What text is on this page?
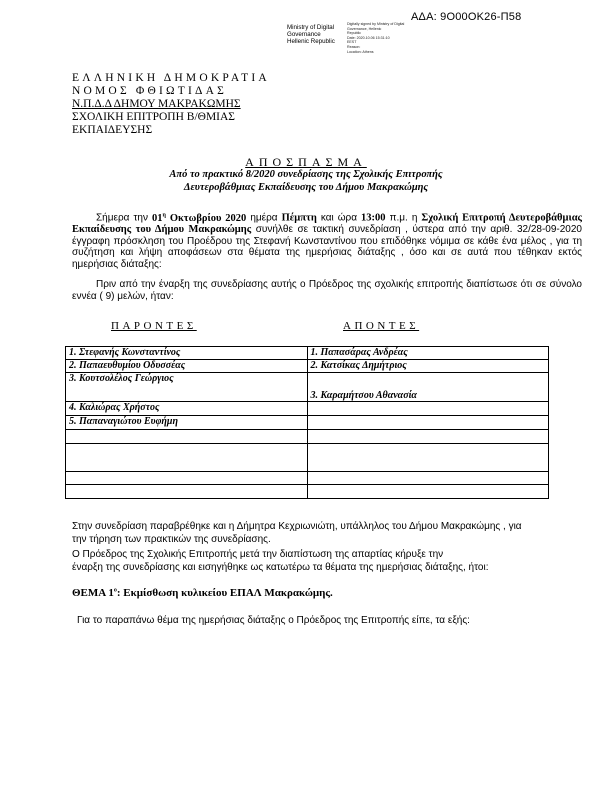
ΑΔΑ: 9Ο00ΟΚ26-Π58
Ministry of Digital
Governance
Hellenic Republic
Digitally signed by Ministry of Digital
Governance, Hellenic
Republic
Date: 2020.10.06 15:31:10
EEST
Reason:
Location: Athens
ΕΛΛΗΝΙΚΗ ΔΗΜΟΚΡΑΤΙΑ
ΝΟΜΟΣ ΦΘΙΩΤΙΔΑΣ
Ν.Π.Δ.Δ ΔΗΜΟΥ ΜΑΚΡΑΚΩΜΗΣ
ΣΧΟΛΙΚΗ ΕΠΙΤΡΟΠΗ Β/ΘΜΙΑΣ
ΕΚΠΑΙΔΕΥΣΗΣ
ΑΠΟΣΠΑΣΜΑ
Από το πρακτικό 8/2020 συνεδρίασης της Σχολικής Επιτροπής
Δευτεροβάθμιας Εκπαίδευσης του Δήμου Μακρακώμης
Σήμερα την $01^\eta$ Οκτωβρίου 2020 ημέρα Πέμπτη και ώρα 13:00 π.μ. η Σχολική Επιτροπή Δευτεροβάθμιας Εκπαίδευσης του Δήμου Μακρακώμης συνήλθε σε τακτική συνεδρίαση , ύστερα από την αριθ. 32/28-09-2020 έγγραφη πρόσκληση του Προέδρου της Στεφανή Κωνσταντίνου που επιδόθηκε νόμιμα σε κάθε ένα μέλος , για τη συζήτηση και λήψη αποφάσεων στα θέματα της ημερήσιας διάταξης , όσο και σε αυτά που τέθηκαν εκτός ημερήσιας διάταξης:
Πριν από την έναρξη της συνεδρίασης αυτής ο Πρόεδρος της σχολικής επιτροπής διαπίστωσε ότι σε σύνολο εννέα ( 9) μελών, ήταν:
ΠΑΡΟΝΤΕΣ	ΑΠΟΝΤΕΣ
1. Στεφανής Κωνσταντίνος	1. Παπασάρας Ανδρέας
2. Παπαευθυμίου Οδυσσέας	2. Κατσίκας Δημήτριος
3. Κουτσολέλος Γεώργιος	3. Καραμήτσου Αθανασία
4. Καλιώρας Χρήστος	
5. Παπαναγιώτου Ευφήμη	

Στην συνεδρίαση παραβρέθηκε και η Δήμητρα Κεχριωνιώτη, υπάλληλος του Δήμου Μακρακώμης , για
την τήρηση των πρακτικών της συνεδρίασης.
Ο Πρόεδρος της Σχολικής Επιτροπής μετά την διαπίστωση της απαρτίας κήρυξε την
έναρξη της συνεδρίασης και εισηγήθηκε ως κατωτέρω τα θέματα της ημερήσιας διάταξης, ήτοι:
ΘΕΜΑ $1^o$: Εκμίσθωση κυλικείου ΕΠΑΛ Μακρακώμης.
Για το παραπάνω θέμα της ημερήσιας διάταξης ο Πρόεδρος της Επιτροπής είπε, τα εξής:
